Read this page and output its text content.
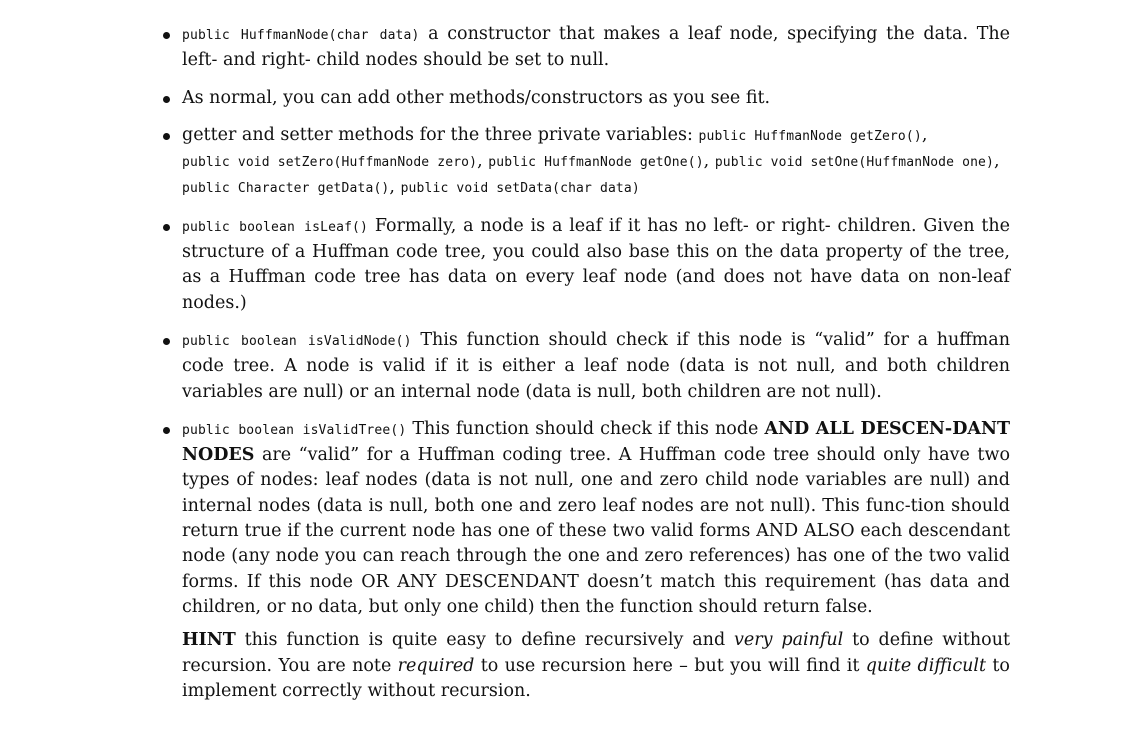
public HuffmanNode(char data) a constructor that makes a leaf node, specifying the data. The left- and right- child nodes should be set to null.
As normal, you can add other methods/constructors as you see fit.
getter and setter methods for the three private variables: public HuffmanNode getZero(),
public void setZero(HuffmanNode zero), public HuffmanNode getOne(), public void setOne(HuffmanNode one),
public Character getData(), public void setData(char data)
public boolean isLeaf() Formally, a node is a leaf if it has no left- or right- children. Given the structure of a Huffman code tree, you could also base this on the data property of the tree, as a Huffman code tree has data on every leaf node (and does not have data on non-leaf nodes.)
public boolean isValidNode() This function should check if this node is “valid” for a huffman code tree. A node is valid if it is either a leaf node (data is not null, and both children variables are null) or an internal node (data is null, both children are not null).
public boolean isValidTree() This function should check if this node AND ALL DESCEN-DANT NODES are “valid” for a Huffman coding tree. A Huffman code tree should only have two types of nodes: leaf nodes (data is not null, one and zero child node variables are null) and internal nodes (data is null, both one and zero leaf nodes are not null). This func-tion should return true if the current node has one of these two valid forms AND ALSO each descendant node (any node you can reach through the one and zero references) has one of the two valid forms. If this node OR ANY DESCENDANT doesn’t match this requirement (has data and children, or no data, but only one child) then the function should return false.

HINT this function is quite easy to define recursively and very painful to define without recursion. You are note required to use recursion here – but you will find it quite difficult to implement correctly without recursion.
